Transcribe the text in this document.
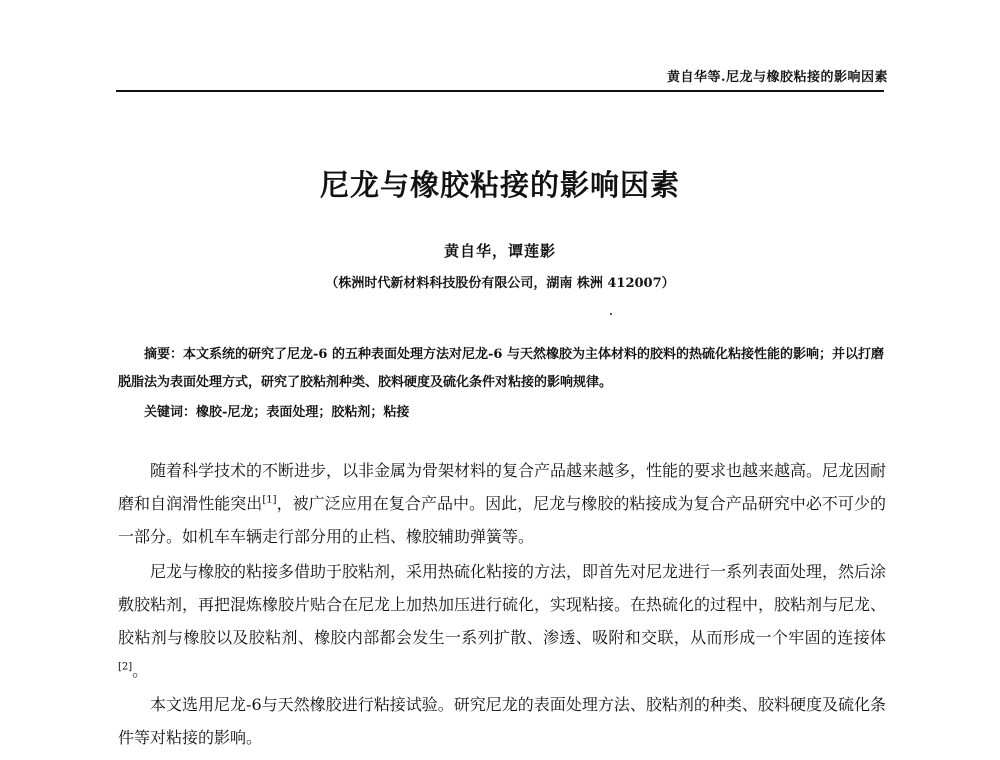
黄自华等.尼龙与橡胶粘接的影响因素
尼龙与橡胶粘接的影响因素
黄自华，谭莲影
（株洲时代新材料科技股份有限公司，湖南 株洲 412007）

摘要：本文系统的研究了尼龙-6 的五种表面处理方法对尼龙-6 与天然橡胶为主体材料的胶料的热硫化粘接性能的影响；并以打磨脱脂法为表面处理方式，研究了胶粘剂种类、胶料硬度及硫化条件对粘接的影响规律。

关键词：橡胶-尼龙；表面处理；胶粘剂；粘接

随着科学技术的不断进步，以非金属为骨架材料的复合产品越来越多，性能的要求也越来越高。尼龙因耐磨和自润滑性能突出[1]，被广泛应用在复合产品中。因此，尼龙与橡胶的粘接成为复合产品研究中必不可少的一部分。如机车车辆走行部分用的止档、橡胶辅助弹簧等。

尼龙与橡胶的粘接多借助于胶粘剂，采用热硫化粘接的方法，即首先对尼龙进行一系列表面处理，然后涂敷胶粘剂，再把混炼橡胶片贴合在尼龙上加热加压进行硫化，实现粘接。在热硫化的过程中，胶粘剂与尼龙、胶粘剂与橡胶以及胶粘剂、橡胶内部都会发生一系列扩散、渗透、吸附和交联，从而形成一个牢固的连接体[2]。

本文选用尼龙-6与天然橡胶进行粘接试验。研究尼龙的表面处理方法、胶粘剂的种类、胶料硬度及硫化条件等对粘接的影响。
